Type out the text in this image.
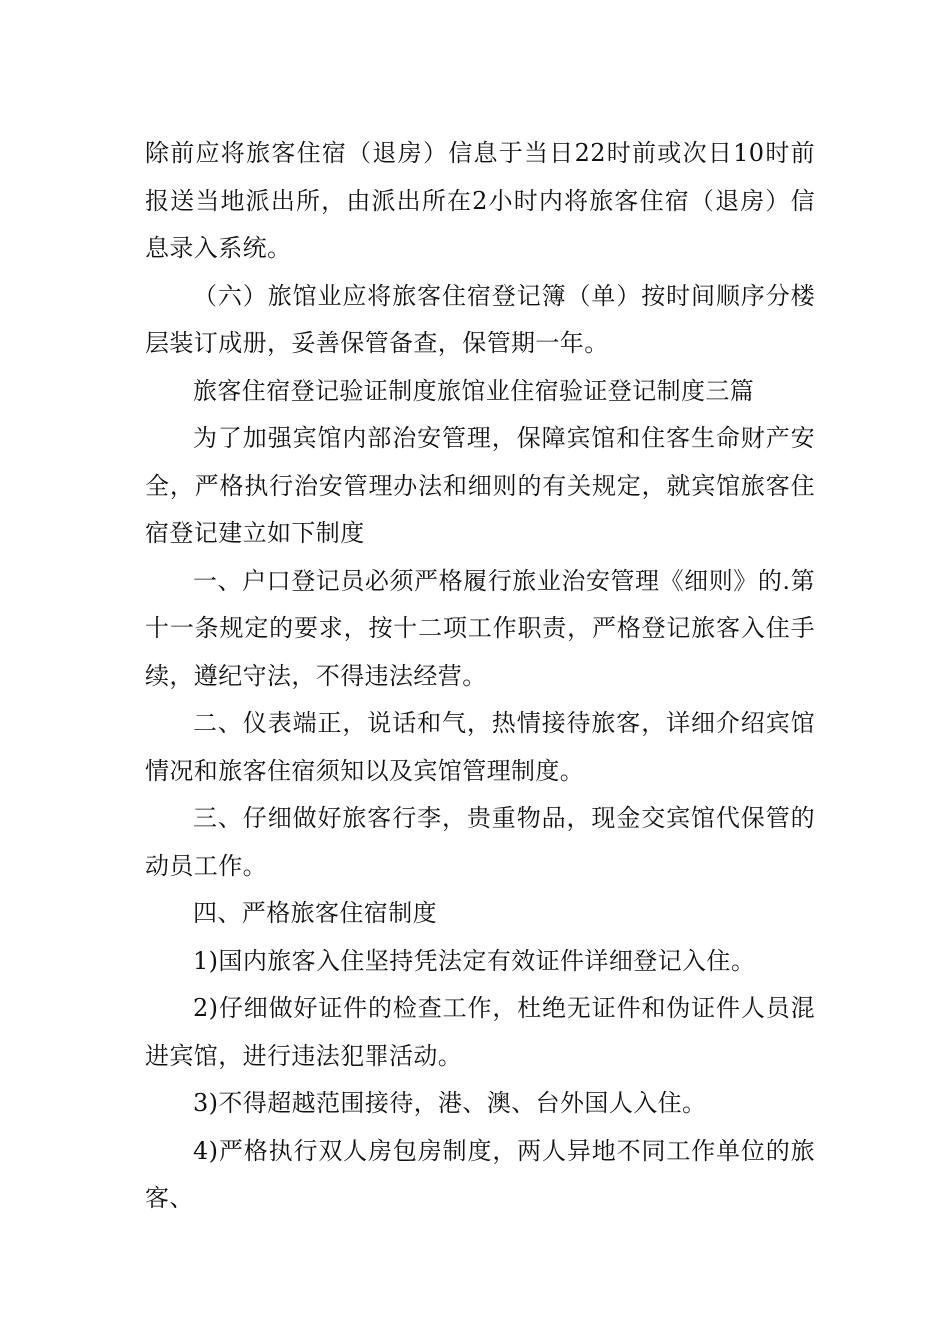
除前应将旅客住宿（退房）信息于当日22时前或次日10时前报送当地派出所，由派出所在2小时内将旅客住宿（退房）信息录入系统。

（六）旅馆业应将旅客住宿登记簿（单）按时间顺序分楼层装订成册，妥善保管备查，保管期一年。

旅客住宿登记验证制度旅馆业住宿验证登记制度三篇

为了加强宾馆内部治安管理，保障宾馆和住客生命财产安全，严格执行治安管理办法和细则的有关规定，就宾馆旅客住宿登记建立如下制度

一、户口登记员必须严格履行旅业治安管理《细则》的.第十一条规定的要求，按十二项工作职责，严格登记旅客入住手续，遵纪守法，不得违法经营。

二、仪表端正，说话和气，热情接待旅客，详细介绍宾馆情况和旅客住宿须知以及宾馆管理制度。

三、仔细做好旅客行李，贵重物品，现金交宾馆代保管的动员工作。

四、严格旅客住宿制度

1)国内旅客入住坚持凭法定有效证件详细登记入住。

2)仔细做好证件的检查工作，杜绝无证件和伪证件人员混进宾馆，进行违法犯罪活动。

3)不得超越范围接待，港、澳、台外国人入住。

4)严格执行双人房包房制度，两人异地不同工作单位的旅客、
